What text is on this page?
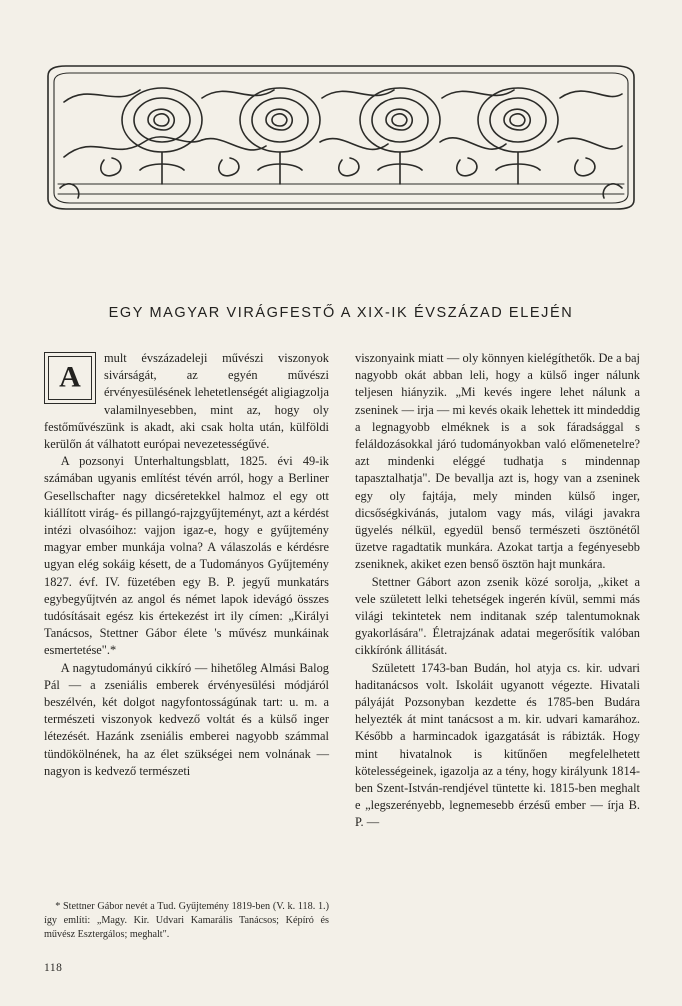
EGY MAGYAR VIRÁGFESTŐ A XIX-IK ÉVSZÁZAD ELEJÉN
A

mult évszázadeleji művészi viszonyok sivárságát, az egyén művészi érvényesülésének lehetetlenségét aligiagzolja valamilnyesebben, mint az, hogy oly festőművészünk is akadt, aki csak holta után, külföldi kerülőn át válhatott európai nevezetességűvé.

A pozsonyi Unterhaltungsblatt, 1825. évi 49-ik számában ugyanis említést tévén arról, hogy a Berliner Gesellschafter nagy dicséretekkel halmoz el egy ott kiállított virág- és pillangó-rajzgyűjteményt, azt a kérdést intézi olvasóihoz: vajjon igaz-e, hogy e gyűjtemény magyar ember munkája volna? A válaszolás e kérdésre ugyan elég sokáig késett, de a Tudományos Gyűjtemény 1827. évf. IV. füzetében egy B. P. jegyű munkatárs egybegyűjtvén az angol és német lapok idevágó összes tudósításait egész kis értekezést irt ily címen: „Királyi Tanácsos, Stettner Gábor élete 's művész munkáinak esmertetése".*

A nagytudományú cikkíró — hihetőleg Almási Balog Pál — a zseniális emberek érvényesülési módjáról beszélvén, két dolgot nagyfontosságúnak tart: u. m. a természeti viszonyok kedvező voltát és a külső inger létezését. Hazánk zseniális emberei nagyobb számmal tündökölnének, ha az élet szükségei nem volnának — nagyon is kedvező természeti

viszonyaink miatt — oly könnyen kielégíthetők. De a baj nagyobb okát abban leli, hogy a külső inger nálunk teljesen hiányzik. „Mi kevés ingere lehet nálunk a zseninek — irja — mi kevés okaik lehettek itt mindeddig a legnagyobb elméknek is a sok fáradsággal s feláldozásokkal járó tudományokban való előmenetelre? azt mindenki eléggé tudhatja s mindennap tapasztalhatja". De bevallja azt is, hogy van a zseninek egy oly fajtája, mely minden külső inger, dicsőségkivánás, jutalom vagy más, világi javakra ügyelés nélkül, egyedül benső természeti ösztönétől üzetve ragadtatik munkára. Azokat tartja a fegényesebb zseniknek, akiket ezen benső ösztön hajt munkára.

Stettner Gábort azon zsenik közé sorolja, „kiket a vele született lelki tehetségek ingerén kívül, semmi más világi tekintetek nem inditanak szép talentumoknak gyakorlására". Életrajzának adatai megerősítik valóban cikkírónk állitását.

Született 1743-ban Budán, hol atyja cs. kir. udvari haditanácsos volt. Iskoláit ugyanott végezte. Hivatali pályáját Pozsonyban kezdette és 1785-ben Budára helyezték át mint tanácsost a m. kir. udvari kamarához. Később a harmincadok igazgatását is rábizták. Hogy mint hivatalnok is kitűnően megfelelhetett kötelességeinek, igazolja az a tény, hogy királyunk 1814-ben Szent-István-rendjével tüntette ki. 1815-ben meghalt e „legszerényebb, legnemesebb érzésű ember — írja B. P. —

* Stettner Gábor nevét a Tud. Gyűjtemény 1819-ben (V. k. 118. 1.) így említi: „Magy. Kir. Udvari Kamarális Tanácsos; Képíró és művész Esztergálos; meghalt".

118
